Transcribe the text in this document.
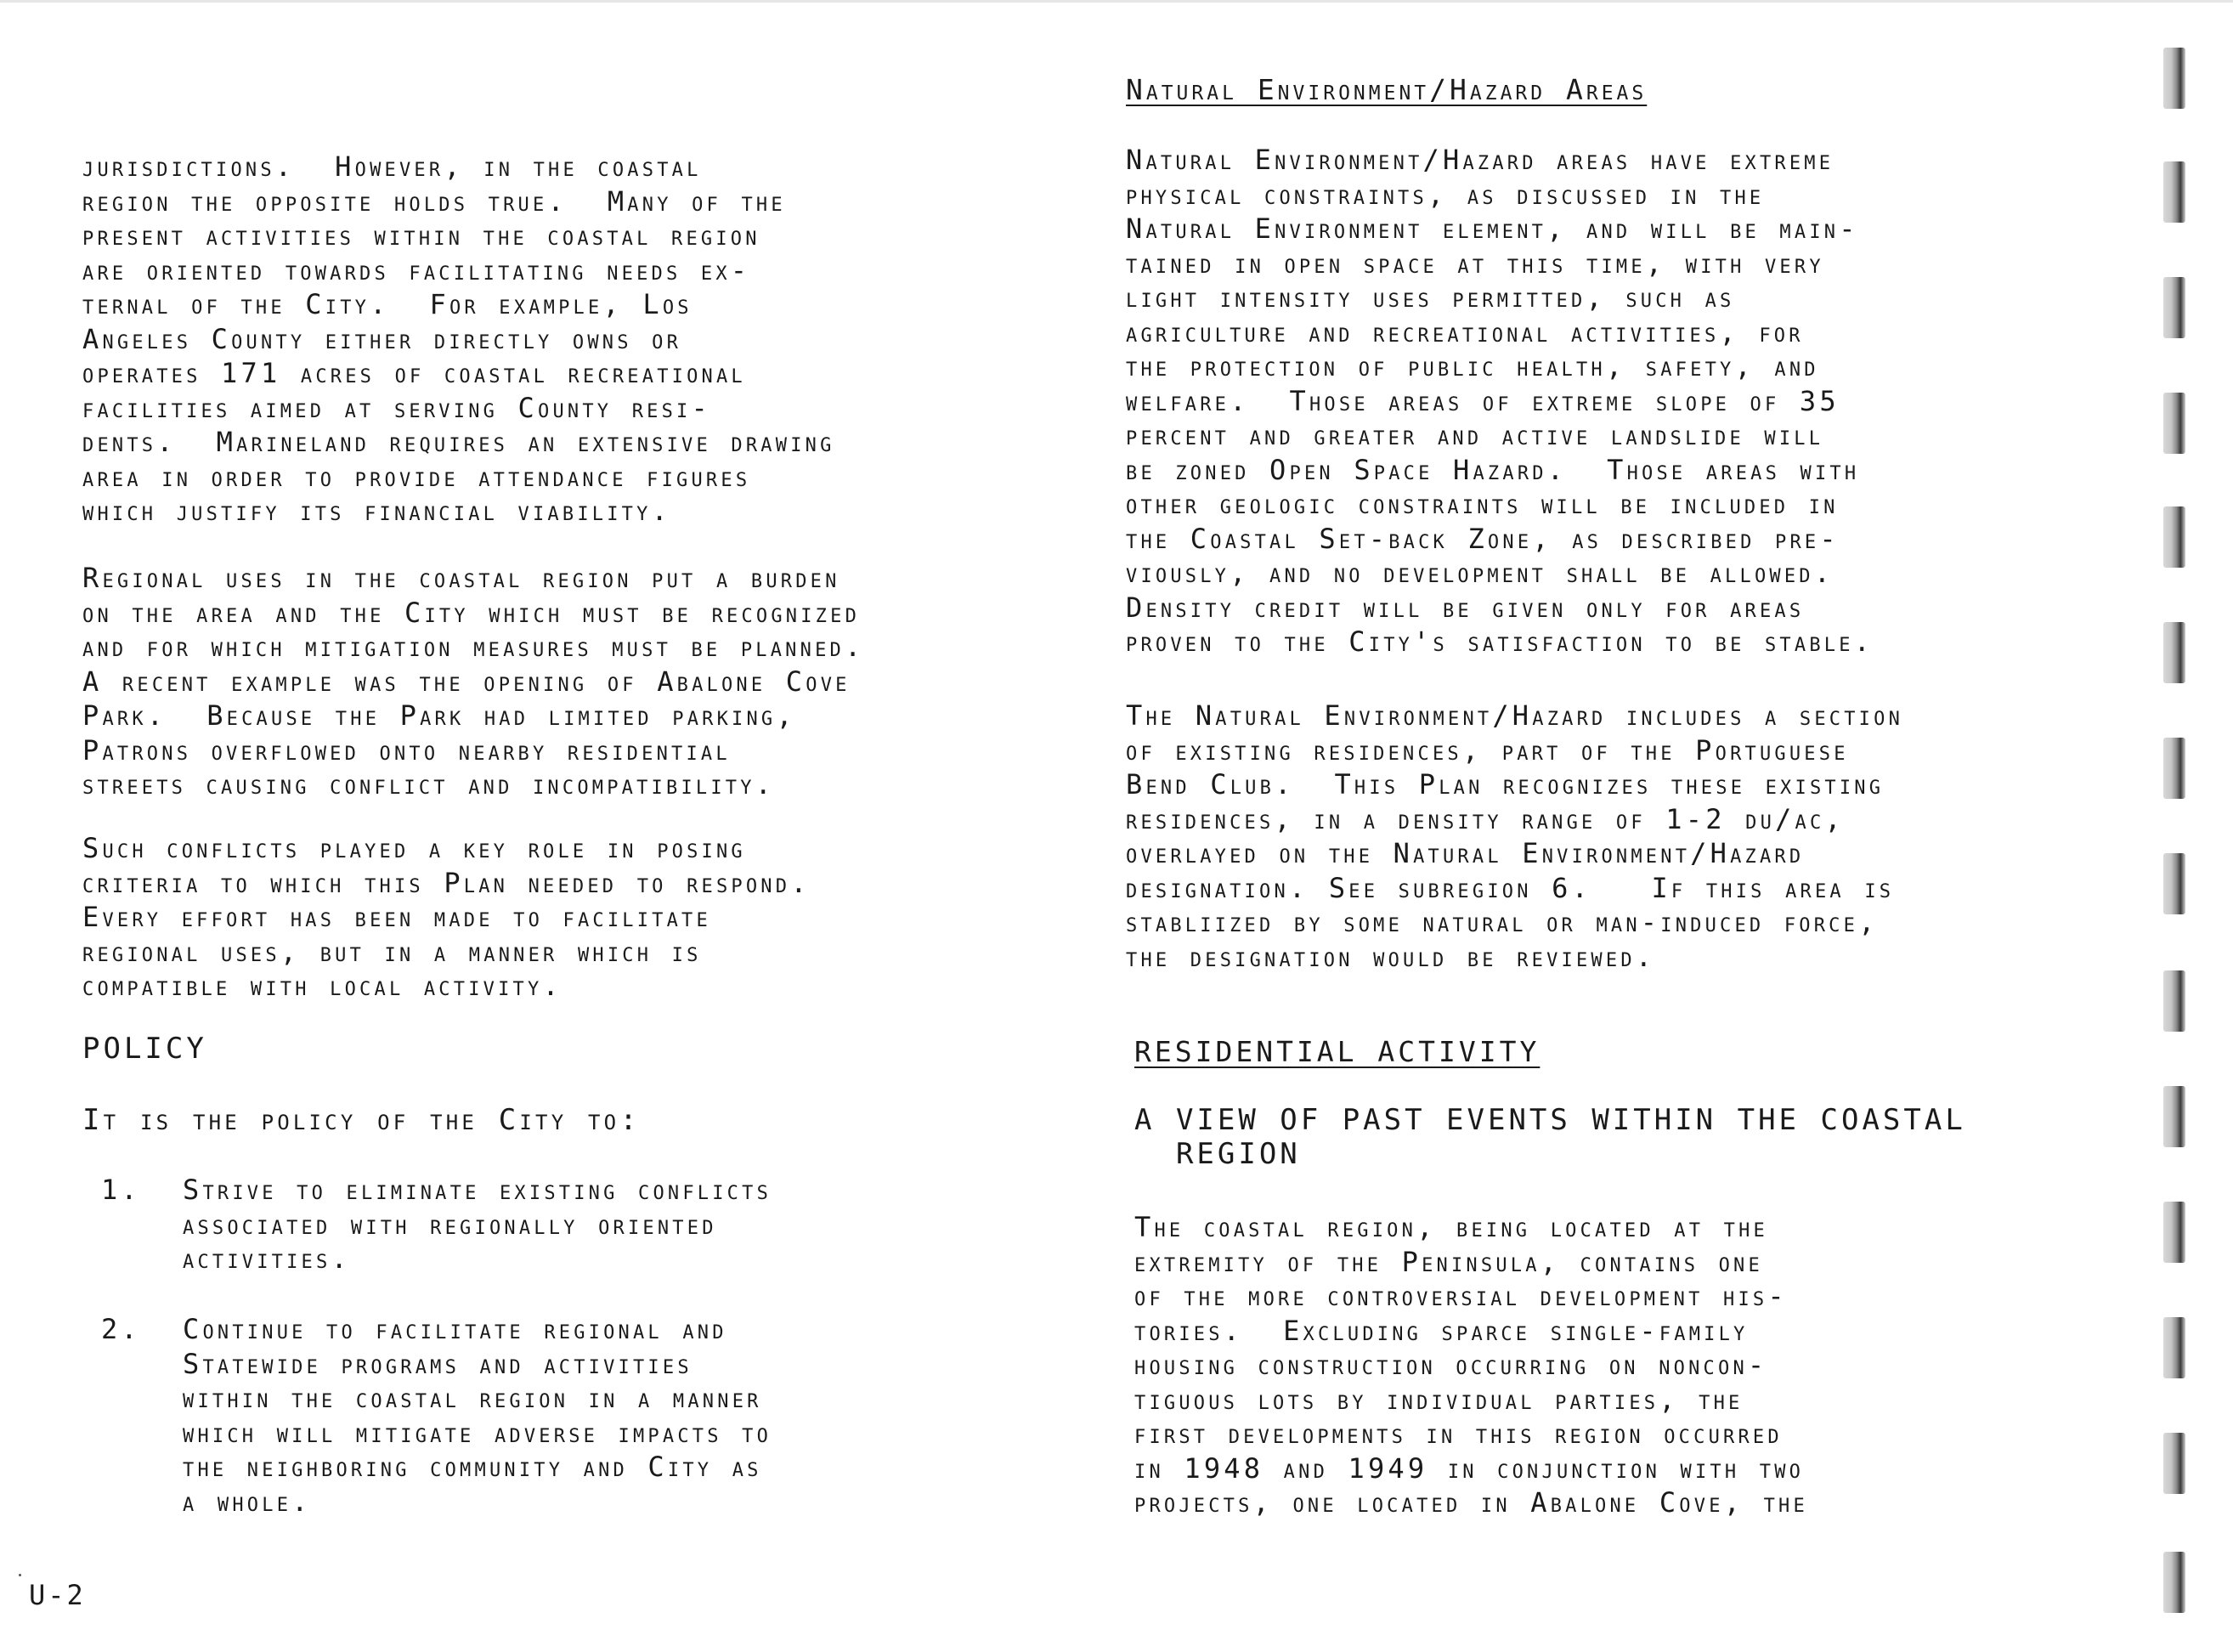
jurisdictions.  However, in the coastal
region the opposite holds true.  Many of the
present activities within the coastal region
are oriented towards facilitating needs ex-
ternal of the City.  For example, Los
Angeles County either directly owns or
operates 171 acres of coastal recreational
facilities aimed at serving County resi-
dents.  Marineland requires an extensive drawing
area in order to provide attendance figures
which justify its financial viability.

Regional uses in the coastal region put a burden
on the area and the City which must be recognized
and for which mitigation measures must be planned.
A recent example was the opening of Abalone Cove
Park.  Because the Park had limited parking,
Patrons overflowed onto nearby residential
streets causing conflict and incompatibility.

Such conflicts played a key role in posing
criteria to which this Plan needed to respond.
Every effort has been made to facilitate
regional uses, but in a manner which is
compatible with local activity.

POLICY

It is the policy of the City to:

1. Strive to eliminate existing conflicts
associated with regionally oriented
activities.

2. Continue to facilitate regional and
Statewide programs and activities
within the coastal region in a manner
which will mitigate adverse impacts to
the neighboring community and City as
a whole.

Natural Environment/Hazard Areas

Natural Environment/Hazard areas have extreme
physical constraints, as discussed in the
Natural Environment element, and will be main-
tained in open space at this time, with very
light intensity uses permitted, such as
agriculture and recreational activities, for
the protection of public health, safety, and
welfare.  Those areas of extreme slope of 35
percent and greater and active landslide will
be zoned Open Space Hazard.  Those areas with
other geologic constraints will be included in
the Coastal Set-back Zone, as described pre-
viously, and no development shall be allowed.
Density credit will be given only for areas
proven to the City's satisfaction to be stable.

The Natural Environment/Hazard includes a section
of existing residences, part of the Portuguese
Bend Club.  This Plan recognizes these existing
residences, in a density range of 1-2 du/ac,
overlayed on the Natural Environment/Hazard
designation. See subregion 6.   If this area is
stabliized by some natural or man-induced force,
the designation would be reviewed.

RESIDENTIAL ACTIVITY

A VIEW OF PAST EVENTS WITHIN THE COASTAL
REGION

The coastal region, being located at the
extremity of the Peninsula, contains one
of the more controversial development his-
tories.  Excluding sparce single-family
housing construction occurring on noncon-
tiguous lots by individual parties, the
first developments in this region occurred
in 1948 and 1949 in conjunction with two
projects, one located in Abalone Cove, the

U-2
